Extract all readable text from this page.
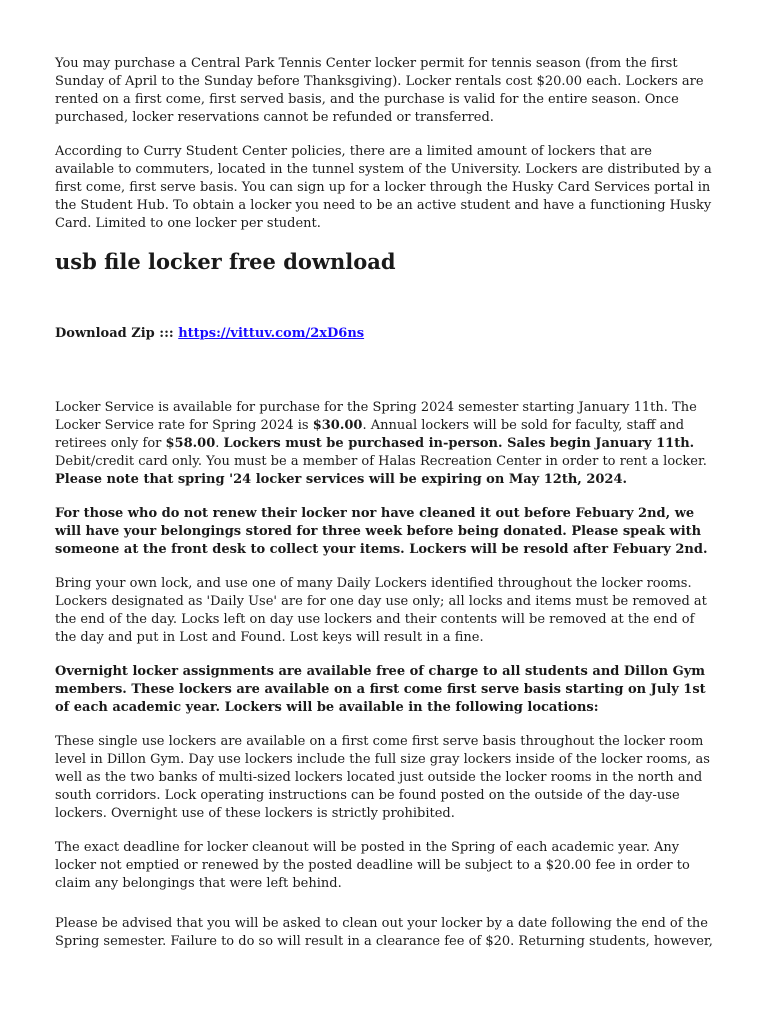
You may purchase a Central Park Tennis Center locker permit for tennis season (from the first Sunday of April to the Sunday before Thanksgiving). Locker rentals cost $20.00 each. Lockers are rented on a first come, first served basis, and the purchase is valid for the entire season. Once purchased, locker reservations cannot be refunded or transferred.

According to Curry Student Center policies, there are a limited amount of lockers that are available to commuters, located in the tunnel system of the University. Lockers are distributed by a first come, first serve basis. You can sign up for a locker through the Husky Card Services portal in the Student Hub. To obtain a locker you need to be an active student and have a functioning Husky Card. Limited to one locker per student.

usb file locker free download
Download Zip ::: https://vittuv.com/2xD6ns

Locker Service is available for purchase for the Spring 2024 semester starting January 11th. The Locker Service rate for Spring 2024 is $30.00. Annual lockers will be sold for faculty, staff and retirees only for $58.00. Lockers must be purchased in-person. Sales begin January 11th. Debit/credit card only. You must be a member of Halas Recreation Center in order to rent a locker. Please note that spring '24 locker services will be expiring on May 12th, 2024.

For those who do not renew their locker nor have cleaned it out before Febuary 2nd, we will have your belongings stored for three week before being donated. Please speak with someone at the front desk to collect your items. Lockers will be resold after Febuary 2nd.

Bring your own lock, and use one of many Daily Lockers identified throughout the locker rooms. Lockers designated as 'Daily Use' are for one day use only; all locks and items must be removed at the end of the day. Locks left on day use lockers and their contents will be removed at the end of the day and put in Lost and Found. Lost keys will result in a fine.

Overnight locker assignments are available free of charge to all students and Dillon Gym members. These lockers are available on a first come first serve basis starting on July 1st of each academic year. Lockers will be available in the following locations:

These single use lockers are available on a first come first serve basis throughout the locker room level in Dillon Gym. Day use lockers include the full size gray lockers inside of the locker rooms, as well as the two banks of multi-sized lockers located just outside the locker rooms in the north and south corridors. Lock operating instructions can be found posted on the outside of the day-use lockers. Overnight use of these lockers is strictly prohibited.

The exact deadline for locker cleanout will be posted in the Spring of each academic year. Any locker not emptied or renewed by the posted deadline will be subject to a $20.00 fee in order to claim any belongings that were left behind.

Please be advised that you will be asked to clean out your locker by a date following the end of the Spring semester. Failure to do so will result in a clearance fee of $20. Returning students, however,
